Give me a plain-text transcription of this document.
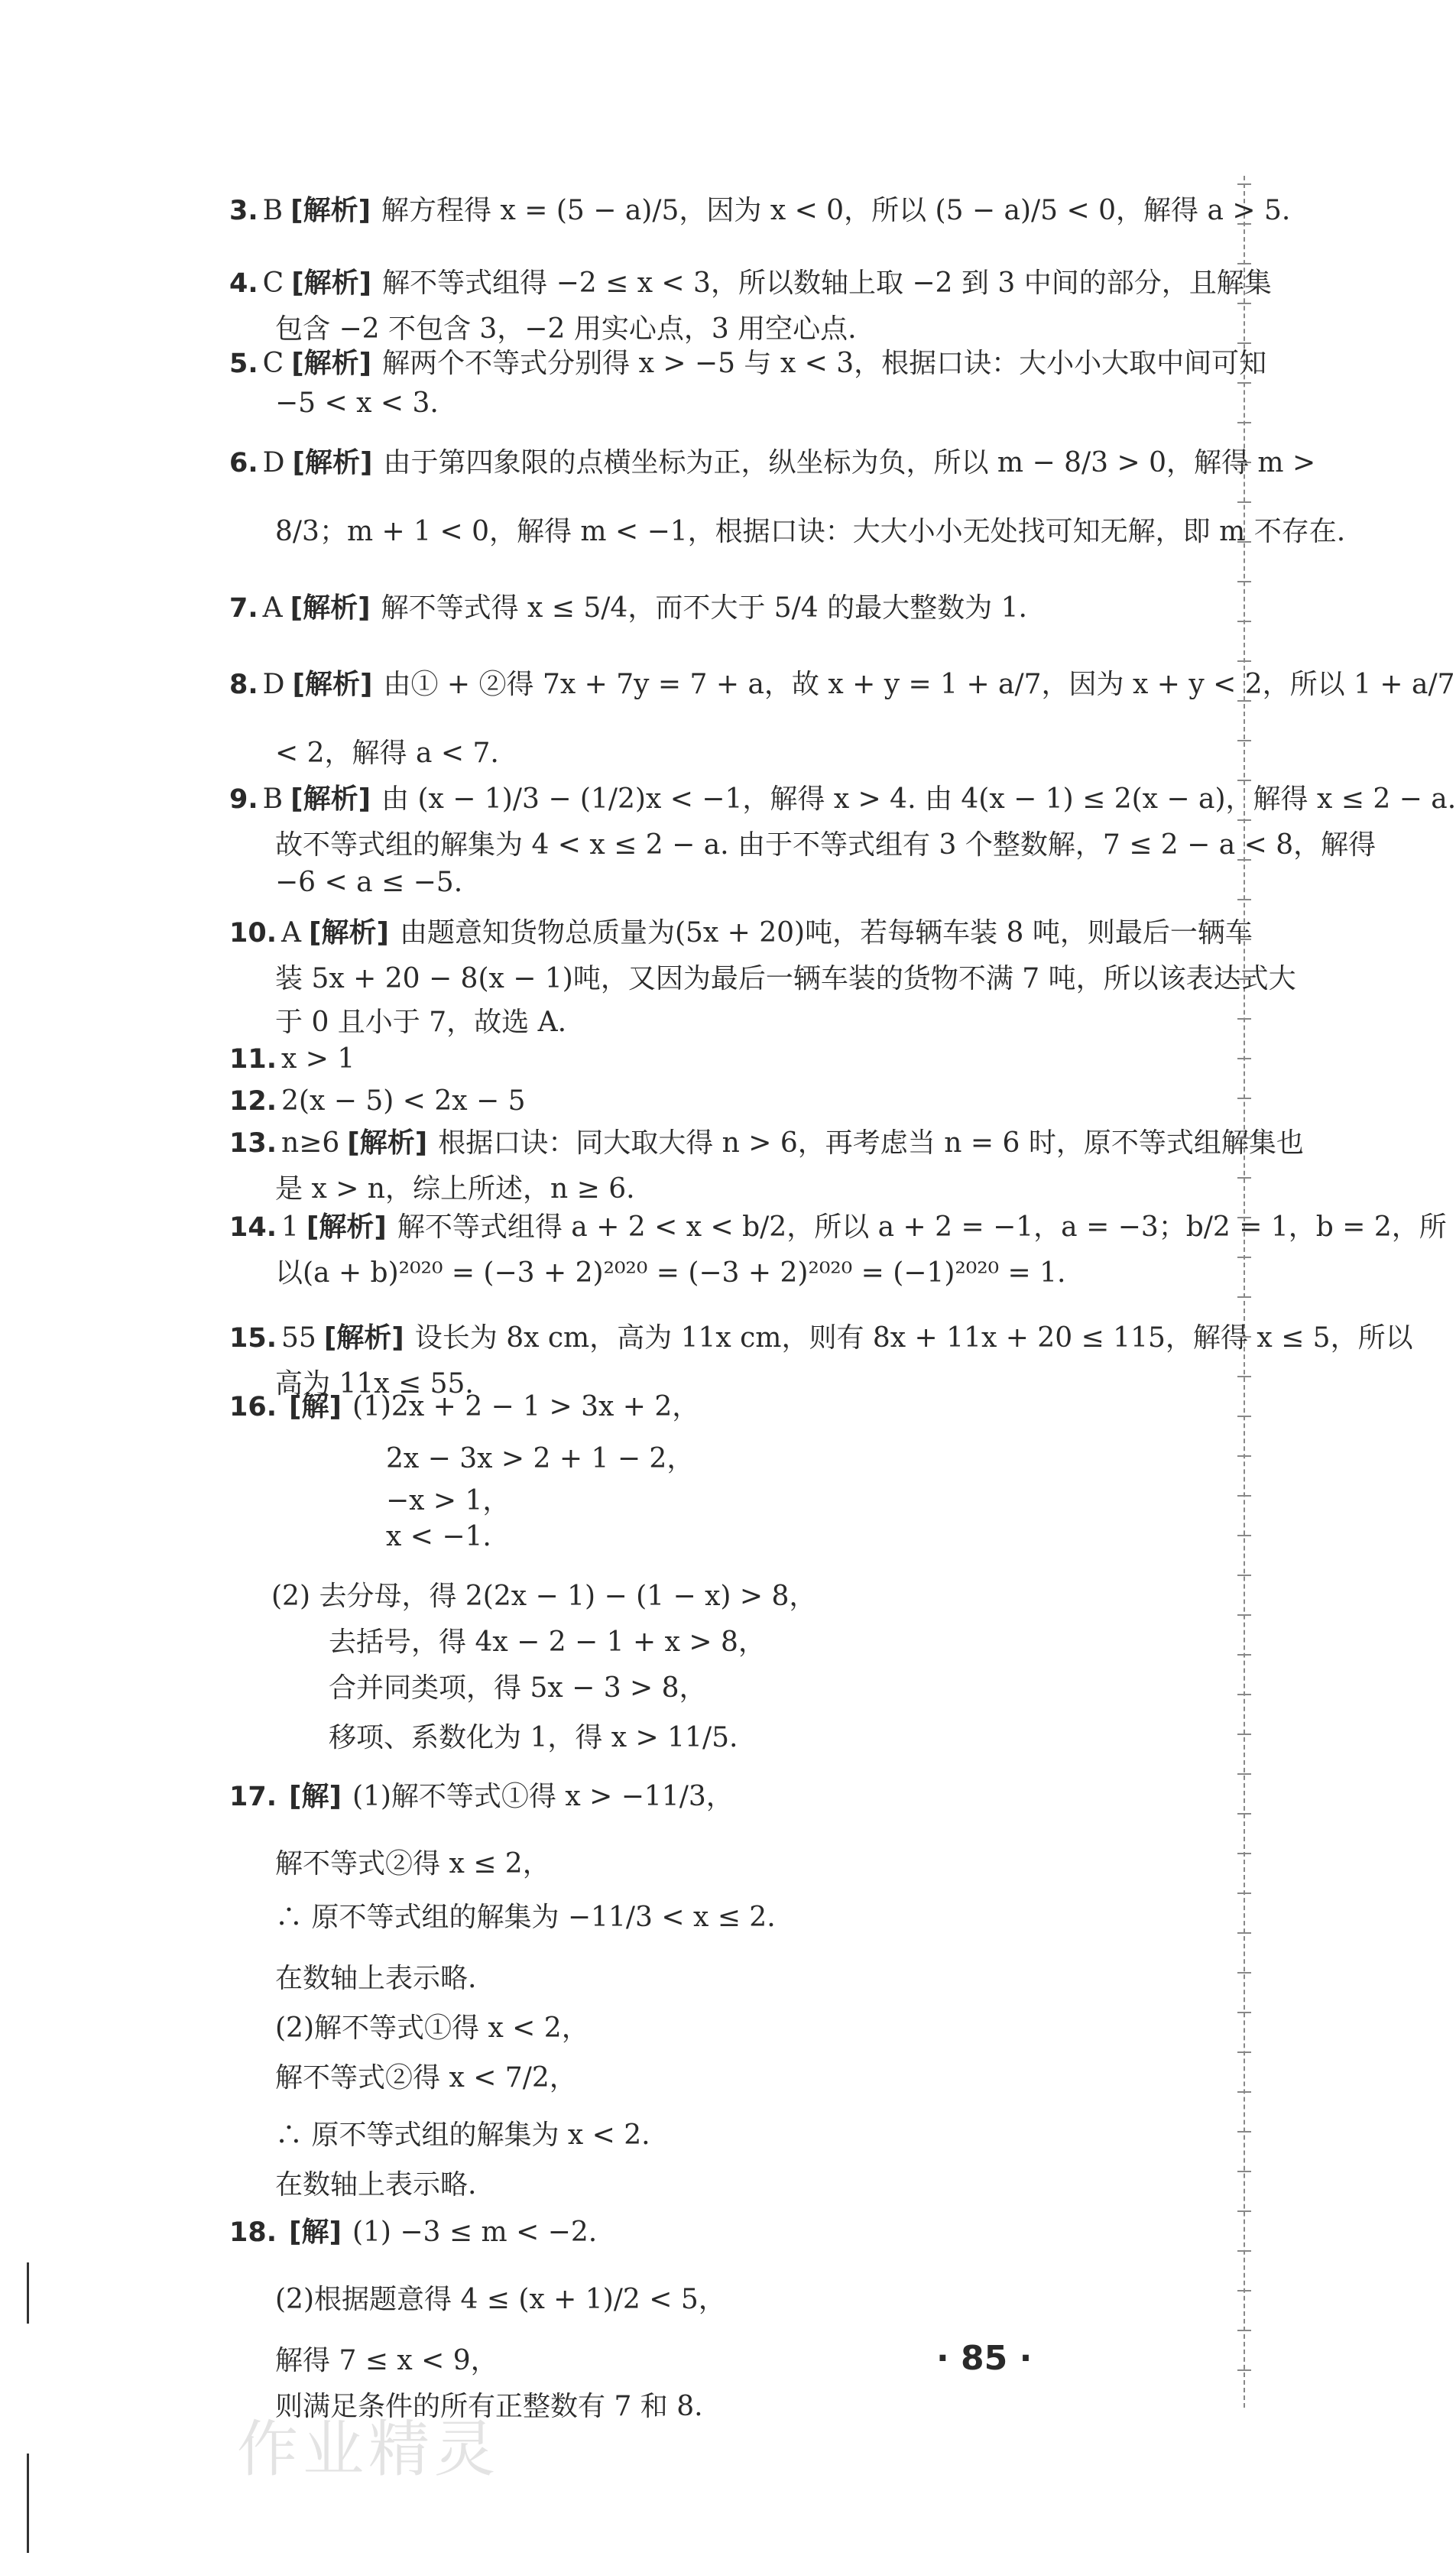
3. B [解析] 解方程得 x = (5 − a)/5，因为 x < 0，所以 (5 − a)/5 < 0，解得 a > 5.
4. C [解析] 解不等式组得 −2 ≤ x < 3，所以数轴上取 −2 到 3 中间的部分，且解集
包含 −2 不包含 3，−2 用实心点，3 用空心点.
5. C [解析] 解两个不等式分别得 x > −5 与 x < 3，根据口诀：大小小大取中间可知
−5 < x < 3.
6. D [解析] 由于第四象限的点横坐标为正，纵坐标为负，所以 m − 8/3 > 0，解得 m >
8/3；m + 1 < 0，解得 m < −1，根据口诀：大大小小无处找可知无解，即 m 不存在.
7. A [解析] 解不等式得 x ≤ 5/4，而不大于 5/4 的最大整数为 1.
8. D [解析] 由① + ②得 7x + 7y = 7 + a，故 x + y = 1 + a/7，因为 x + y < 2，所以 1 + a/7
< 2，解得 a < 7.
9. B [解析] 由 (x − 1)/3 − (1/2)x < −1，解得 x > 4. 由 4(x − 1) ≤ 2(x − a)，解得 x ≤ 2 − a.
故不等式组的解集为 4 < x ≤ 2 − a. 由于不等式组有 3 个整数解，7 ≤ 2 − a < 8，解得
−6 < a ≤ −5.
10. A [解析] 由题意知货物总质量为(5x + 20)吨，若每辆车装 8 吨，则最后一辆车
装 5x + 20 − 8(x − 1)吨，又因为最后一辆车装的货物不满 7 吨，所以该表达式大
于 0 且小于 7，故选 A.
11. x > 1
12. 2(x − 5) < 2x − 5
13. n≥6 [解析] 根据口诀：同大取大得 n > 6，再考虑当 n = 6 时，原不等式组解集也
是 x > n，综上所述，n ≥ 6.
14. 1 [解析] 解不等式组得 a + 2 < x < b/2，所以 a + 2 = −1，a = −3；b/2 = 1，b = 2，所
以(a + b)²⁰²⁰ = (−3 + 2)²⁰²⁰ = (−3 + 2)²⁰²⁰ = (−1)²⁰²⁰ = 1.
15. 55 [解析] 设长为 8x cm，高为 11x cm，则有 8x + 11x + 20 ≤ 115，解得 x ≤ 5，所以
高为 11x ≤ 55.
16. [解] (1)2x + 2 − 1 > 3x + 2，
2x − 3x > 2 + 1 − 2，
−x > 1，
x < −1.
(2) 去分母，得 2(2x − 1) − (1 − x) > 8，
去括号，得 4x − 2 − 1 + x > 8，
合并同类项，得 5x − 3 > 8，
移项、系数化为 1，得 x > 11/5.
17. [解] (1)解不等式①得 x > −11/3，
解不等式②得 x ≤ 2，
∴ 原不等式组的解集为 −11/3 < x ≤ 2.
在数轴上表示略.
(2)解不等式①得 x < 2，
解不等式②得 x < 7/2，
∴ 原不等式组的解集为 x < 2.
在数轴上表示略.
18. [解] (1) −3 ≤ m < −2.
(2)根据题意得 4 ≤ (x + 1)/2 < 5，
解得 7 ≤ x < 9，
则满足条件的所有正整数有 7 和 8.
· 85 ·
作业精灵
